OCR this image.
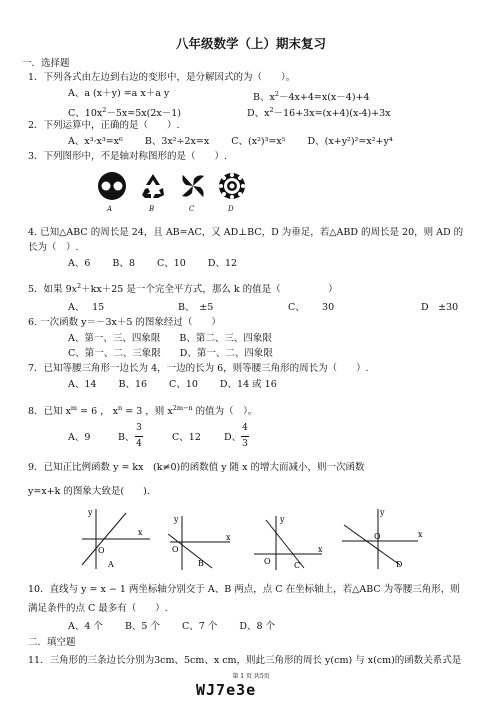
八年级数学（上）期末复习
一．选择题
1．下列各式由左边到右边的变形中，是分解因式的为（　　）。
A、a (x＋y) =a x＋a y	B、$x^2-4x+4=x(x-4)+4$
C、$10x^2-5x=5x(2x-1)$	D、$x^2-16+3x=(x+4)(x-4)+3x$
2．下列运算中，正确的是（　　）.
A、x³·x³=x⁶　　 B、3x²÷2x=x　　 C、(x²)³=x⁵　　 D、(x+y²)²=x²+y⁴
3．下列图形中，不是轴对称图形的是（　　）.
A	B	C	D
4. 已知△ABC 的周长是 24，且 AB=AC，又 AD⊥BC，D 为垂足，若△ABD 的周长是 20，则 AD 的
长为（　）.
A、6　　 B、8　　 C、10　　 D、12
5．如果 $9x^2+kx+25$ 是一个完全平方式，那么 k 的值是（　　　　　）
A、　 15	B、　±5	C、　　 30	D　±30
6. 一次函数 y＝－3x＋5 的图象经过（　　）
A、第一、三、四象限　　B、第二、三、四象限
C、第一、二、三象限　　D、第一、二、四象限
7．已知等腰三角形一边长为 4，一边的长为 6，则等腰三角形的周长为（　　）.
A、14　　 B、16　　 C、10　　 D、14 或 16
8．已知 $x^m = 6$ ， $x^n = 3$ ，则 $x^{2m-n}$ 的值为（　）。
A、9	B、
3
4
C、12 D、
4
3
9．已知正比例函数 y = kx　(k≠0)的函数值 y 随 x 的增大而减小，则一次函数
y=x+k 的图象大致是(　　).
x
y
O
A
x
y
O
B
x
y
O	C
x
y
O
D
10．直线与 y = x − 1 两坐标轴分别交于 A、B 两点，点 C 在坐标轴上，若△ABC 为等腰三角形，则
满足条件的点 C 最多有（　　）.
A、4 个　　 B、5 个　　 C、7 个　　 D、8 个
二．填空题
11．三角形的三条边长分别为3cm、5cm、x cm，则此三角形的周长 y(cm) 与 x(cm)的函数关系式是
第 1 页 共5页
WJ7e3e
